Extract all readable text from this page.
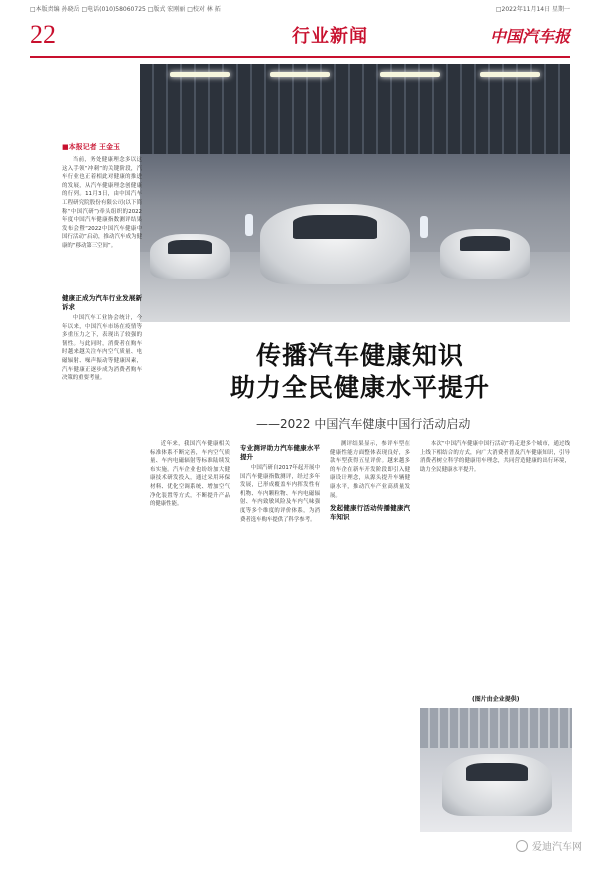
□本版责编 孙晓岳 □电话(010)58060725 □版式 宏刚丽 □校对 林 拓	□2022年11月14日 星期一
22	行业新闻	中国汽车报
■本报记者 王金玉

当前，务处健康理念多以这这入手领“冲刺”的关键阶段，汽车行业也正着相此对健康的推进的发展，从汽车健康理念创健康的行列。11月3日，由中国汽车工程研究院股份有限公司(以下简称“中国汽研”)牵头组织的2022年度中国汽车健康指数测评结果发布会暨“2022中国汽车健康中国行活动”启动，推动汽车成为健康的“移动第三空间”。

健康正成为汽车行业发展新诉求

中国汽车工业协会统计，今年以来，中国汽车市场在疫情等多重压力之下，表现出了较强的韧性。与此同时，消费者在购车时越来越关注车内空气质量、电磁辐射、噪声振动等健康因素，汽车健康正逐步成为消费者购车决策的重要考量。

传播汽车健康知识
助力全民健康水平提升
——2022 中国汽车健康中国行活动启动

近年来，我国汽车健康相关标准体系不断完善，车内空气质量、车内电磁辐射等标准陆续发布实施。汽车企业也纷纷加大健康技术研发投入，通过采用环保材料、优化空调系统、增加空气净化装置等方式，不断提升产品的健康性能。

专业测评助力汽车健康水平提升

中国汽研自2017年起开展中国汽车健康指数测评，经过多年发展，已形成覆盖车内挥发性有机物、车内颗粒物、车内电磁辐射、车内致敏风险及车内气味强度等多个维度的评价体系，为消费者选车购车提供了科学参考。

测评结果显示，参评车型在健康性能方面整体表现良好，多款车型获得五星评价。越来越多的车企在新车开发阶段即引入健康设计理念，从源头提升车辆健康水平，推动汽车产业高质量发展。

发起健康行活动传播健康汽车知识

本次“中国汽车健康中国行活动”将走进多个城市，通过线上线下相结合的方式，向广大消费者普及汽车健康知识，引导消费者树立科学的健康用车理念，共同营造健康的出行环境，助力全民健康水平提升。

(图片由企业提供)
爱迪汽车网
